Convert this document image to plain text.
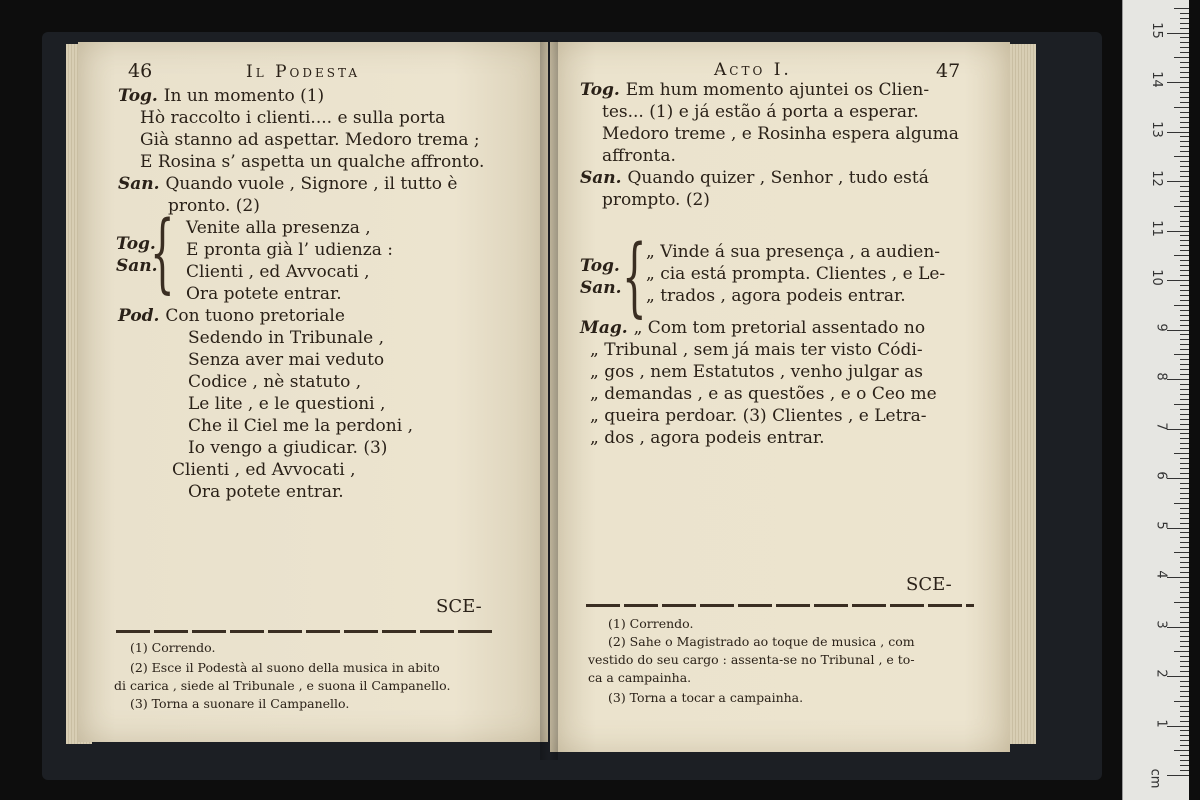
46	Il Podesta
Tog. In un momento (1)
Hò raccolto i clienti.... e sulla porta
Già stanno ad aspettar. Medoro trema ;
E Rosina s’ aspetta un qualche affronto.
San. Quando vuole , Signore , il tutto è
pronto. (2)
Venite alla presenza ,
E pronta già l’ udienza :
Clienti , ed Avvocati ,
Ora potete entrar.
Pod. Con tuono pretoriale
Sedendo in Tribunale ,
Senza aver mai veduto
Codice , nè statuto ,
Le lite , e le questioni ,
Che il Ciel me la perdoni ,
Io vengo a giudicar. (3)
Clienti , ed Avvocati ,
Ora potete entrar.
{
Tog.
San.
SCE-
(1) Correndo.
(2) Esce il Podestà al suono della musica in abito
di carica , siede al Tribunale , e suona il Campanello.
(3) Torna a suonare il Campanello.
Acto I.	47
Tog. Em hum momento ajuntei os Clien-
tes... (1) e já estão á porta a esperar.
Medoro treme , e Rosinha espera alguma
affronta.
San. Quando quizer , Senhor , tudo está
prompto. (2)
„ Vinde á sua presença , a audien-
„ cia está prompta. Clientes , e Le-
„ trados , agora podeis entrar.
Mag. „ Com tom pretorial assentado no
„ Tribunal , sem já mais ter visto Códi-
„ gos , nem Estatutos , venho julgar as
„ demandas , e as questões , e o Ceo me
„ queira perdoar. (3) Clientes , e Letra-
„ dos , agora podeis entrar.
{
Tog.
San.
SCE-
(1) Correndo.
(2) Sahe o Magistrado ao toque de musica , com
vestido do seu cargo : assenta-se no Tribunal , e to-
ca a campainha.
(3) Torna a tocar a campainha.
cm
1
2
3
4
5
6
7
8
9
10
11
12
13
14
15
